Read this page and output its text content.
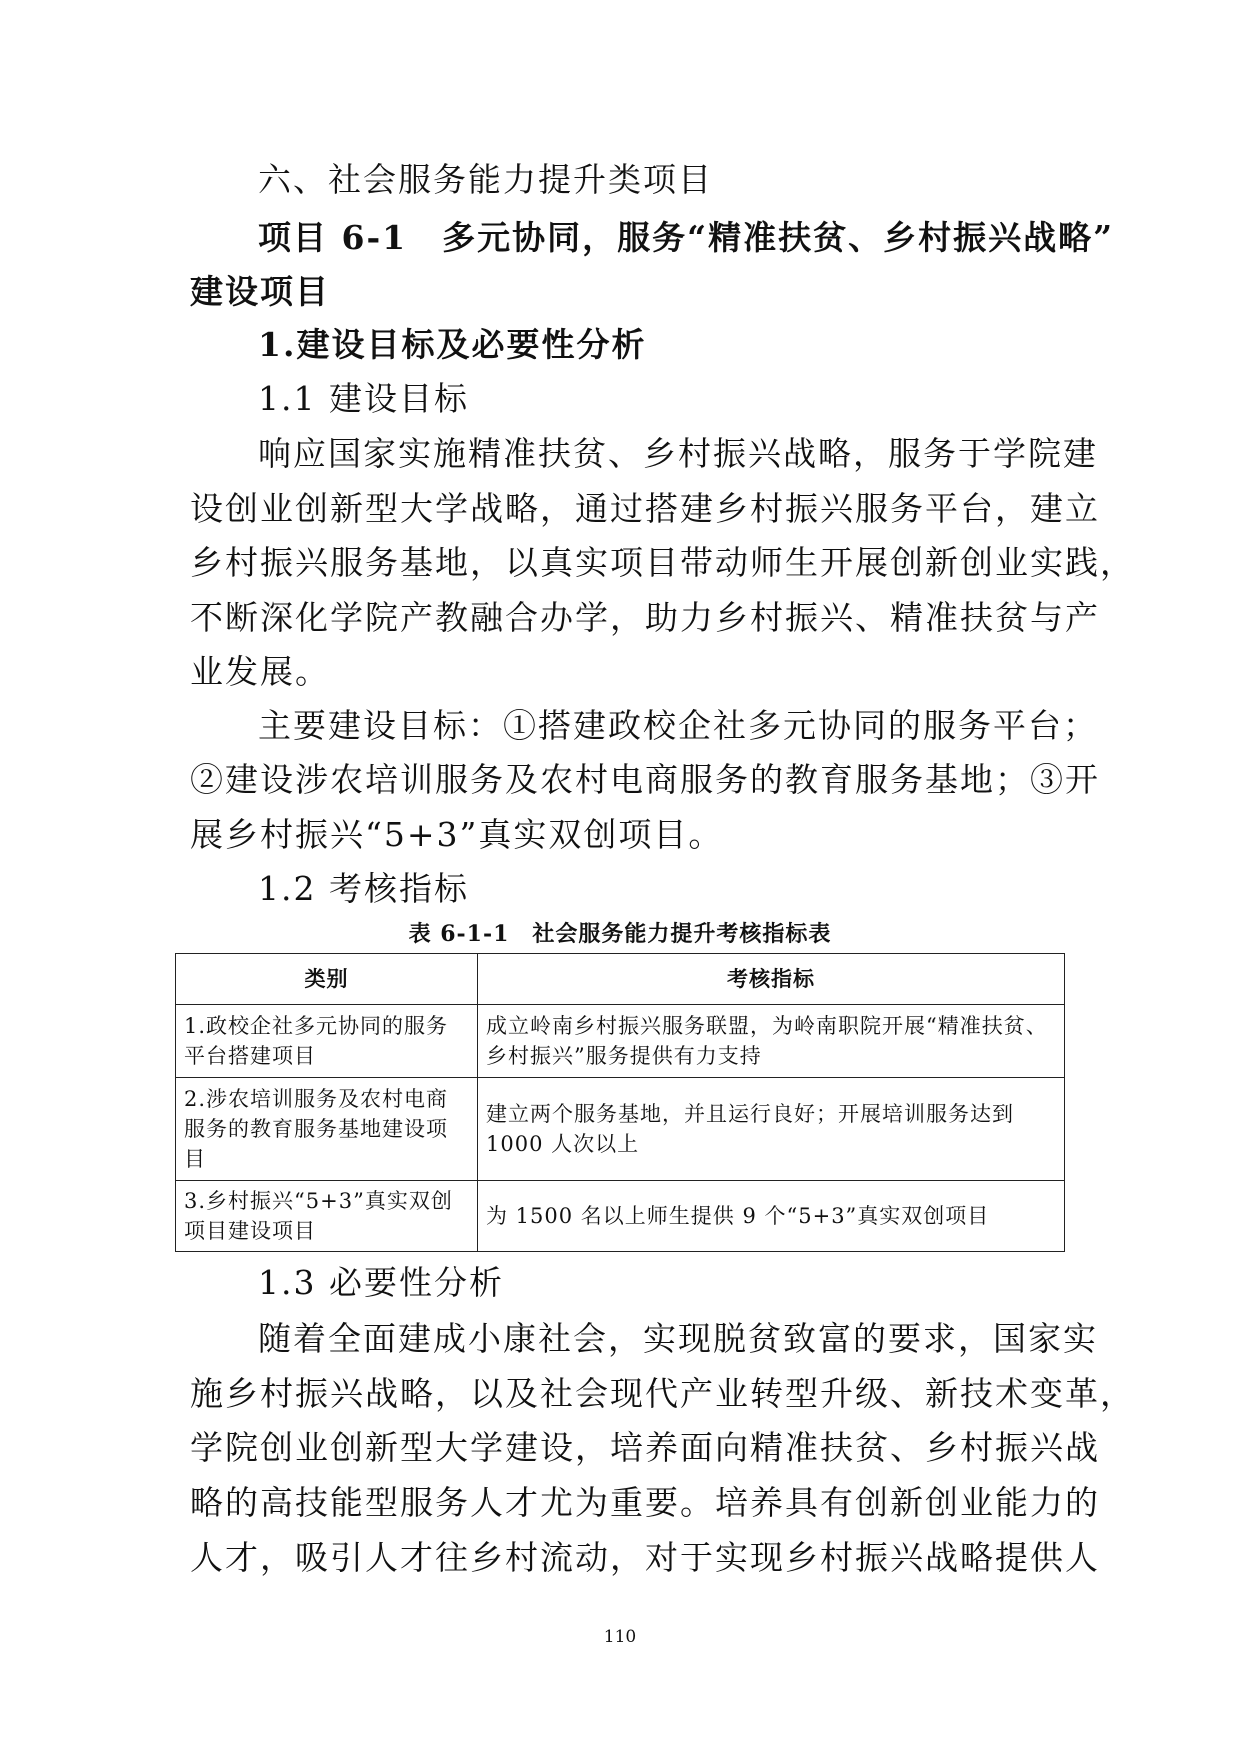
六、社会服务能力提升类项目
项目 6-1　多元协同，服务“精准扶贫、乡村振兴战略”
建设项目
1.建设目标及必要性分析
1.1 建设目标
响应国家实施精准扶贫、乡村振兴战略，服务于学院建
设创业创新型大学战略，通过搭建乡村振兴服务平台，建立
乡村振兴服务基地，以真实项目带动师生开展创新创业实践，
不断深化学院产教融合办学，助力乡村振兴、精准扶贫与产
业发展。
主要建设目标：①搭建政校企社多元协同的服务平台；
②建设涉农培训服务及农村电商服务的教育服务基地；③开
展乡村振兴“5+3”真实双创项目。
1.2 考核指标
表 6-1-1　社会服务能力提升考核指标表
类别	考核指标
1.政校企社多元协同的服务平台搭建项目	成立岭南乡村振兴服务联盟，为岭南职院开展“精准扶贫、乡村振兴”服务提供有力支持
2.涉农培训服务及农村电商服务的教育服务基地建设项目	建立两个服务基地，并且运行良好；开展培训服务达到 1000 人次以上
3.乡村振兴“5+3”真实双创项目建设项目	为 1500 名以上师生提供 9 个“5+3”真实双创项目
1.3 必要性分析
随着全面建成小康社会，实现脱贫致富的要求，国家实
施乡村振兴战略，以及社会现代产业转型升级、新技术变革，
学院创业创新型大学建设，培养面向精准扶贫、乡村振兴战
略的高技能型服务人才尤为重要。培养具有创新创业能力的
人才，吸引人才往乡村流动，对于实现乡村振兴战略提供人
110
